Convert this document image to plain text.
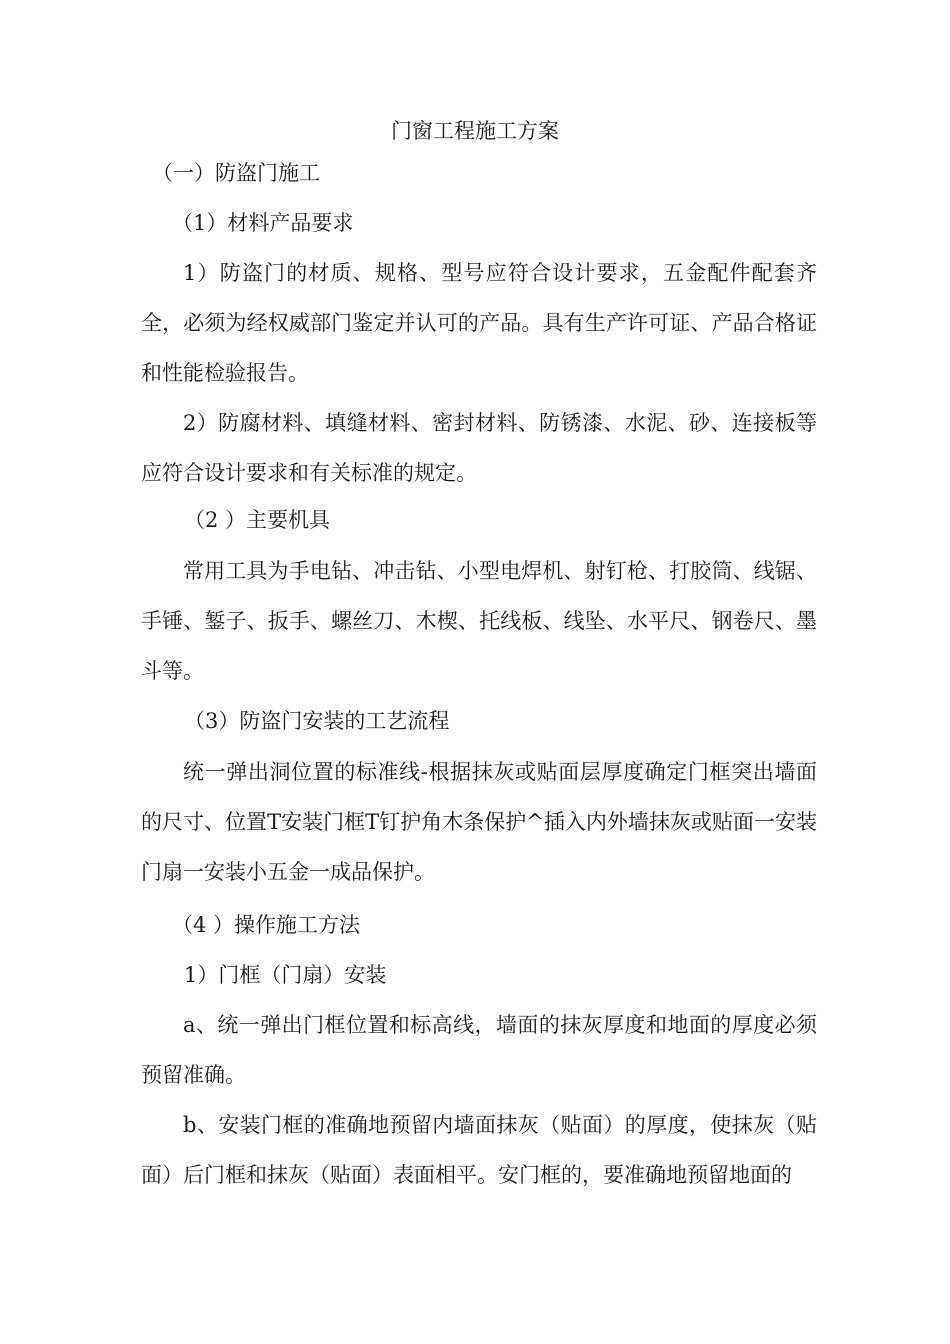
门窗工程施工方案
（一）防盗门施工
（1）材料产品要求

1）防盗门的材质、规格、型号应符合设计要求，五金配件配套齐全，必须为经权威部门鉴定并认可的产品。具有生产许可证、产品合格证和性能检验报告。

2）防腐材料、填缝材料、密封材料、防锈漆、水泥、砂、连接板等应符合设计要求和有关标准的规定。

（2 ）主要机具

常用工具为手电钻、冲击钻、小型电焊机、射钉枪、打胶筒、线锯、手锤、錾子、扳手、螺丝刀、木楔、托线板、线坠、水平尺、钢卷尺、墨斗等。

（3）防盗门安装的工艺流程

统一弹出洞位置的标准线-根据抹灰或贴面层厚度确定门框突出墙面的尺寸、位置T安装门框T钉护角木条保护^插入内外墙抹灰或贴面一安装门扇一安装小五金一成品保护。

（4 ）操作施工方法
1）门框（门扇）安装

a、统一弹出门框位置和标高线，墙面的抹灰厚度和地面的厚度必须预留准确。

b、安装门框的准确地预留内墙面抹灰（贴面）的厚度，使抹灰（贴面）后门框和抹灰（贴面）表面相平。安门框的，要准确地预留地面的
